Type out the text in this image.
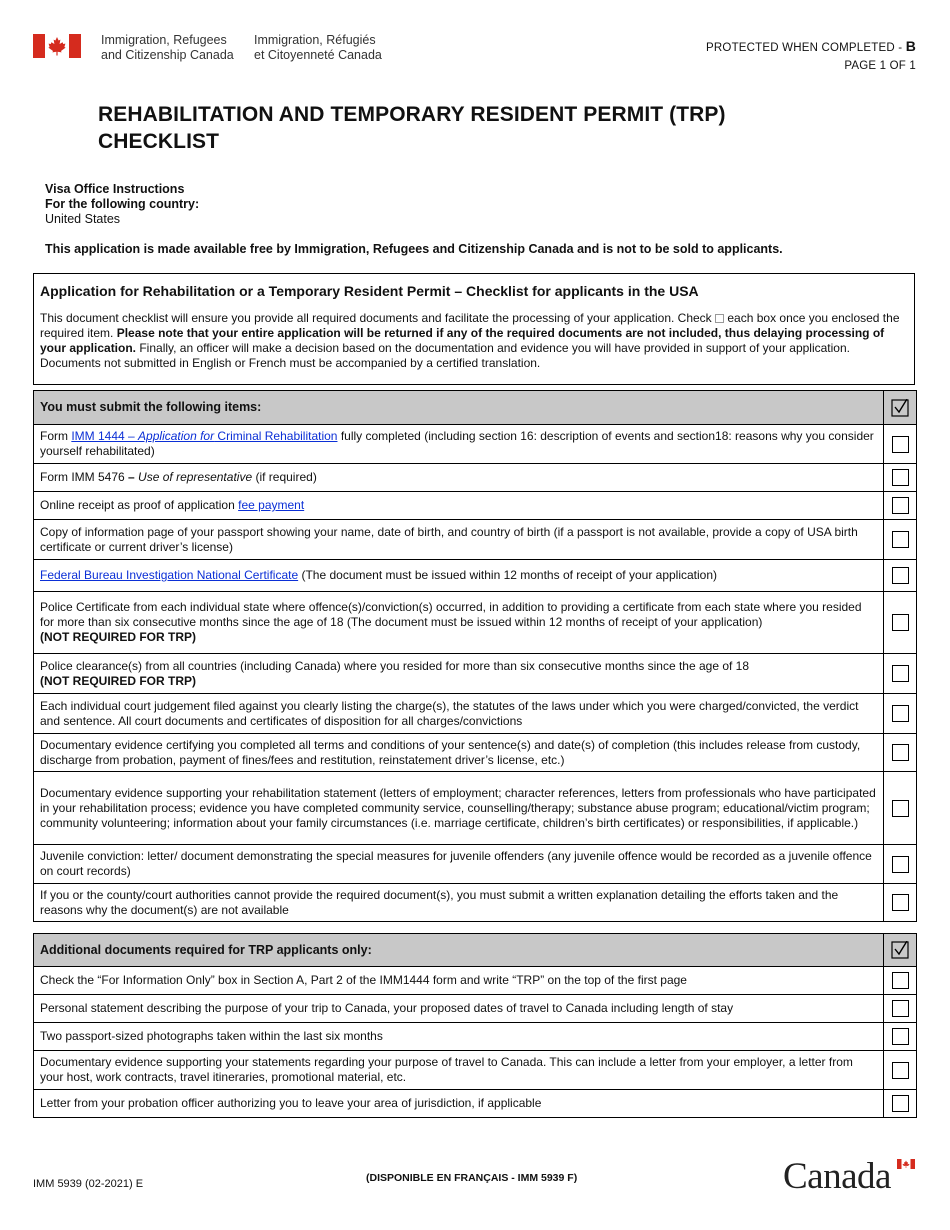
Immigration, Refugees
and Citizenship Canada
Immigration, Réfugiés
et Citoyenneté Canada	PROTECTED WHEN COMPLETED - B
PAGE 1 OF 1
REHABILITATION AND TEMPORARY RESIDENT PERMIT (TRP)
CHECKLIST
Visa Office Instructions
For the following country:
United States
This application is made available free by Immigration, Refugees and Citizenship Canada and is not to be sold to applicants.
Application for Rehabilitation or a Temporary Resident Permit – Checklist for applicants in the USA

This document checklist will ensure you provide all required documents and facilitate the processing of your application. Check  each box once you enclosed the required item. Please note that your entire application will be returned if any of the required documents are not included, thus delaying processing of your application. Finally, an officer will make a decision based on the documentation and evidence you will have provided in support of your application. Documents not submitted in English or French must be accompanied by a certified translation.

You must submit the following items:	
Form IMM 1444 – Application for Criminal Rehabilitation fully completed (including section 16: description of events and section18: reasons why you consider yourself rehabilitated)	
Form IMM 5476 – Use of representative (if required)	
Online receipt as proof of application fee payment	
Copy of information page of your passport showing your name, date of birth, and country of birth (if a passport is not available, provide a copy of USA birth certificate or current driver’s license)	
Federal Bureau Investigation National Certificate (The document must be issued within 12 months of receipt of your application)	
Police Certificate from each individual state where offence(s)/conviction(s) occurred, in addition to providing a certificate from each state where you resided for more than six consecutive months since the age of 18 (The document must be issued within 12 months of receipt of your application)
(NOT REQUIRED FOR TRP)	
Police clearance(s) from all countries (including Canada) where you resided for more than six consecutive months since the age of 18
(NOT REQUIRED FOR TRP)	
Each individual court judgement filed against you clearly listing the charge(s), the statutes of the laws under which you were charged/convicted, the verdict and sentence. All court documents and certificates of disposition for all charges/convictions	
Documentary evidence certifying you completed all terms and conditions of your sentence(s) and date(s) of completion (this includes release from custody, discharge from probation, payment of fines/fees and restitution, reinstatement driver’s license, etc.)	
Documentary evidence supporting your rehabilitation statement (letters of employment; character references, letters from professionals who have participated in your rehabilitation process; evidence you have completed community service, counselling/therapy; substance abuse program; educational/victim program; community volunteering; information about your family circumstances (i.e. marriage certificate, children’s birth certificates) or responsibilities, if applicable.)	
Juvenile conviction: letter/ document demonstrating the special measures for juvenile offenders (any juvenile offence would be recorded as a juvenile offence on court records)	
If you or the county/court authorities cannot provide the required document(s), you must submit a written explanation detailing the efforts taken and the reasons why the document(s) are not available	
Additional documents required for TRP applicants only:	
Check the “For Information Only” box in Section A, Part 2 of the IMM1444 form and write “TRP” on the top of the first page	
Personal statement describing the purpose of your trip to Canada, your proposed dates of travel to Canada including length of stay	
Two passport-sized photographs taken within the last six months	
Documentary evidence supporting your statements regarding your purpose of travel to Canada. This can include a letter from your employer, a letter from your host, work contracts, travel itineraries, promotional material, etc.	
Letter from your probation officer authorizing you to leave your area of jurisdiction, if applicable	
IMM 5939 (02-2021) E	(DISPONIBLE EN FRANÇAIS - IMM 5939 F)	Canada
